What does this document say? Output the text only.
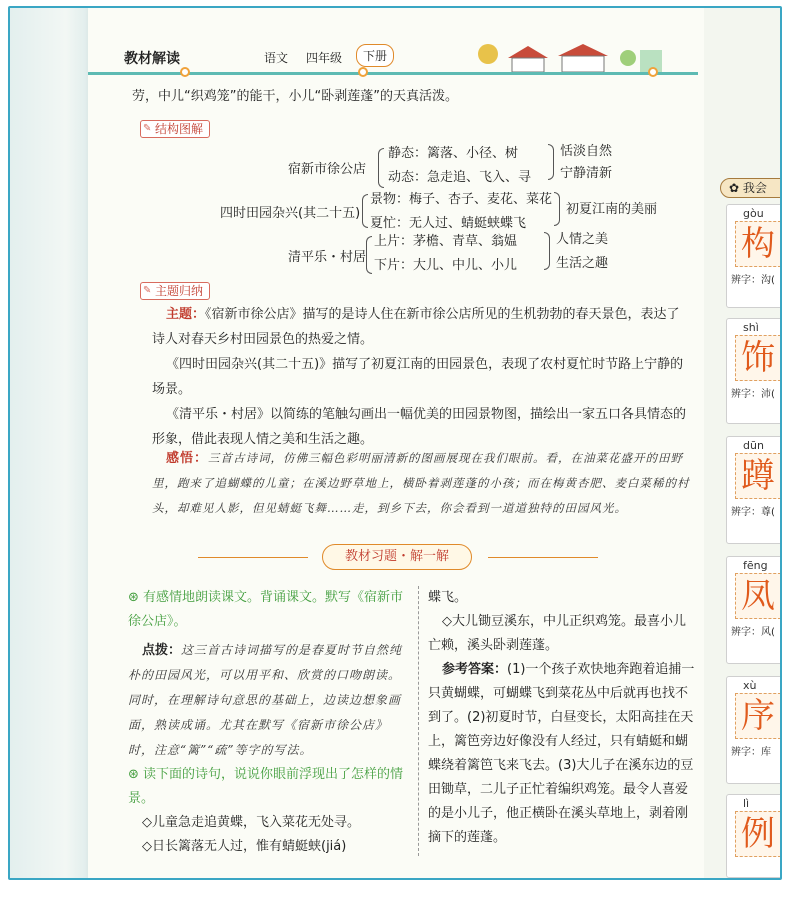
教材解读	语文 四年级	下册
劳，中儿“织鸡笼”的能干，小儿“卧剥莲蓬”的天真活泼。
✎ 结构图解
宿新市徐公店
静态：篱落、小径、树
动态：急走追、飞入、寻
恬淡自然
宁静清新
四时田园杂兴(其二十五)
景物：梅子、杏子、麦花、菜花
夏忙：无人过、蜻蜓蛱蝶飞
初夏江南的美丽
清平乐・村居
上片：茅檐、青草、翁媪
下片：大儿、中儿、小儿
人情之美
生活之趣
✎ 主题归纳
主题：《宿新市徐公店》描写的是诗人住在新市徐公店所见的生机勃勃的春天景色，表达了诗人对春天乡村田园景色的热爱之情。
《四时田园杂兴(其二十五)》描写了初夏江南的田园景色，表现了农村夏忙时节路上宁静的场景。
《清平乐・村居》以简练的笔触勾画出一幅优美的田园景物图，描绘出一家五口各具情态的形象，借此表现人情之美和生活之趣。
感悟：三首古诗词，仿佛三幅色彩明丽清新的图画展现在我们眼前。看，在油菜花盛开的田野里，跑来了追蝴蝶的儿童；在溪边野草地上，横卧着剥莲蓬的小孩；而在梅黄杏肥、麦白菜稀的村头，却难见人影，但见蜻蜓飞舞……走，到乡下去，你会看到一道道独特的田园风光。
教材习题・解一解
⊛ 有感情地朗读课文。背诵课文。默写《宿新市徐公店》。
点拨：这三首古诗词描写的是春夏时节自然纯朴的田园风光，可以用平和、欣赏的口吻朗读。同时，在理解诗句意思的基础上，边读边想象画面，熟读成诵。尤其在默写《宿新市徐公店》时，注意“篱”“疏”等字的写法。
⊛ 读下面的诗句，说说你眼前浮现出了怎样的情景。
◇儿童急走追黄蝶，飞入菜花无处寻。
◇日长篱落无人过，惟有蜻蜓蛱(jiá)
蝶飞。
◇大儿锄豆溪东，中儿正织鸡笼。最喜小儿亡赖，溪头卧剥莲蓬。
参考答案：(1)一个孩子欢快地奔跑着追捕一只黄蝴蝶，可蝴蝶飞到菜花丛中后就再也找不到了。(2)初夏时节，白昼变长，太阳高挂在天上，篱笆旁边好像没有人经过，只有蜻蜓和蝴蝶绕着篱笆飞来飞去。(3)大儿子在溪东边的豆田锄草，二儿子正忙着编织鸡笼。最令人喜爱的是小儿子，他正横卧在溪头草地上，剥着刚摘下的莲蓬。
✿ 我会
gòu
构
辨字：沟(
shì
饰
辨字：沛(
dūn
蹲
辨字：尊(
fēng
凤
辨字：风(
xù
序
辨字：库
lì
例
